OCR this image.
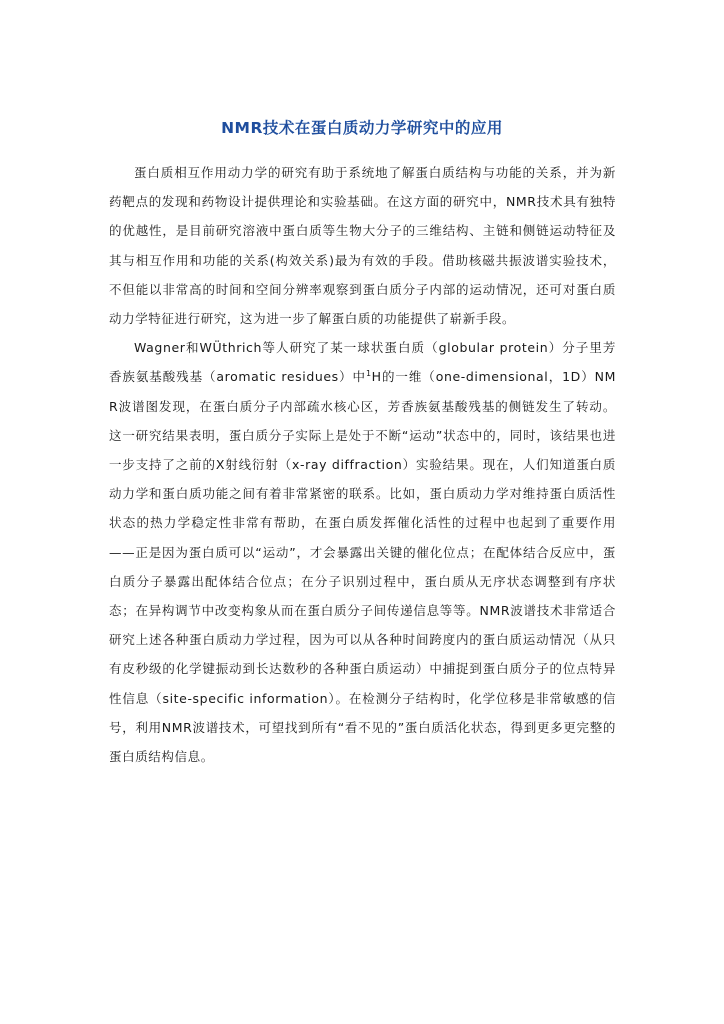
NMR技术在蛋白质动力学研究中的应用

蛋白质相互作用动力学的研究有助于系统地了解蛋白质结构与功能的关系，并为新药靶点的发现和药物设计提供理论和实验基础。在这方面的研究中，NMR技术具有独特的优越性，是目前研究溶液中蛋白质等生物大分子的三维结构、主链和侧链运动特征及其与相互作用和功能的关系(构效关系)最为有效的手段。借助核磁共振波谱实验技术，不但能以非常高的时间和空间分辨率观察到蛋白质分子内部的运动情况，还可对蛋白质动力学特征进行研究，这为进一步了解蛋白质的功能提供了崭新手段。

Wagner和WÜthrich等人研究了某一球状蛋白质（globular protein）分子里芳香族氨基酸残基（aromatic residues）中$^1$H的一维（one-dimensional，1D）NMR波谱图发现，在蛋白质分子内部疏水核心区，芳香族氨基酸残基的侧链发生了转动。这一研究结果表明，蛋白质分子实际上是处于不断“运动”状态中的，同时，该结果也进一步支持了之前的X射线衍射（x-ray diffraction）实验结果。现在，人们知道蛋白质动力学和蛋白质功能之间有着非常紧密的联系。比如，蛋白质动力学对维持蛋白质活性状态的热力学稳定性非常有帮助，在蛋白质发挥催化活性的过程中也起到了重要作用——正是因为蛋白质可以“运动”，才会暴露出关键的催化位点；在配体结合反应中，蛋白质分子暴露出配体结合位点；在分子识别过程中，蛋白质从无序状态调整到有序状态；在异构调节中改变构象从而在蛋白质分子间传递信息等等。NMR波谱技术非常适合研究上述各种蛋白质动力学过程，因为可以从各种时间跨度内的蛋白质运动情况（从只有皮秒级的化学键振动到长达数秒的各种蛋白质运动）中捕捉到蛋白质分子的位点特异性信息（site-specific information）。在检测分子结构时，化学位移是非常敏感的信号，利用NMR波谱技术，可望找到所有“看不见的”蛋白质活化状态，得到更多更完整的蛋白质结构信息。
